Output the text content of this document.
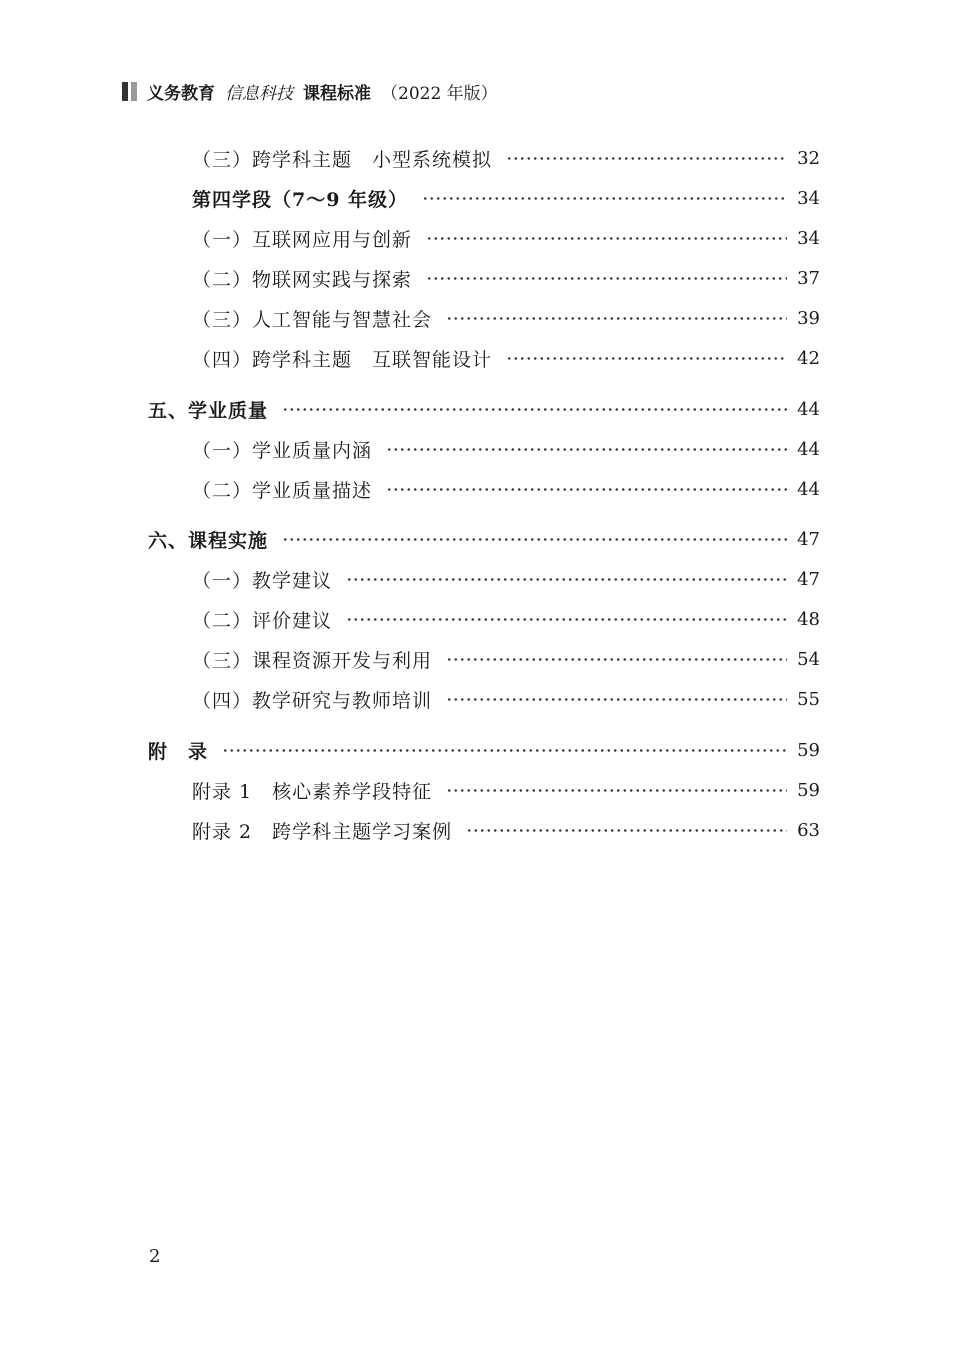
义务教育 信息科技 课程标准 （2022 年版）
（三）跨学科主题　小型系统模拟	32
第四学段（7～9 年级）	34
（一）互联网应用与创新	34
（二）物联网实践与探索	37
（三）人工智能与智慧社会	39
（四）跨学科主题　互联智能设计	42
五、学业质量	44
（一）学业质量内涵	44
（二）学业质量描述	44
六、课程实施	47
（一）教学建议	47
（二）评价建议	48
（三）课程资源开发与利用	54
（四）教学研究与教师培训	55
附　录	59
附录 1　核心素养学段特征	59
附录 2　跨学科主题学习案例	63
2
